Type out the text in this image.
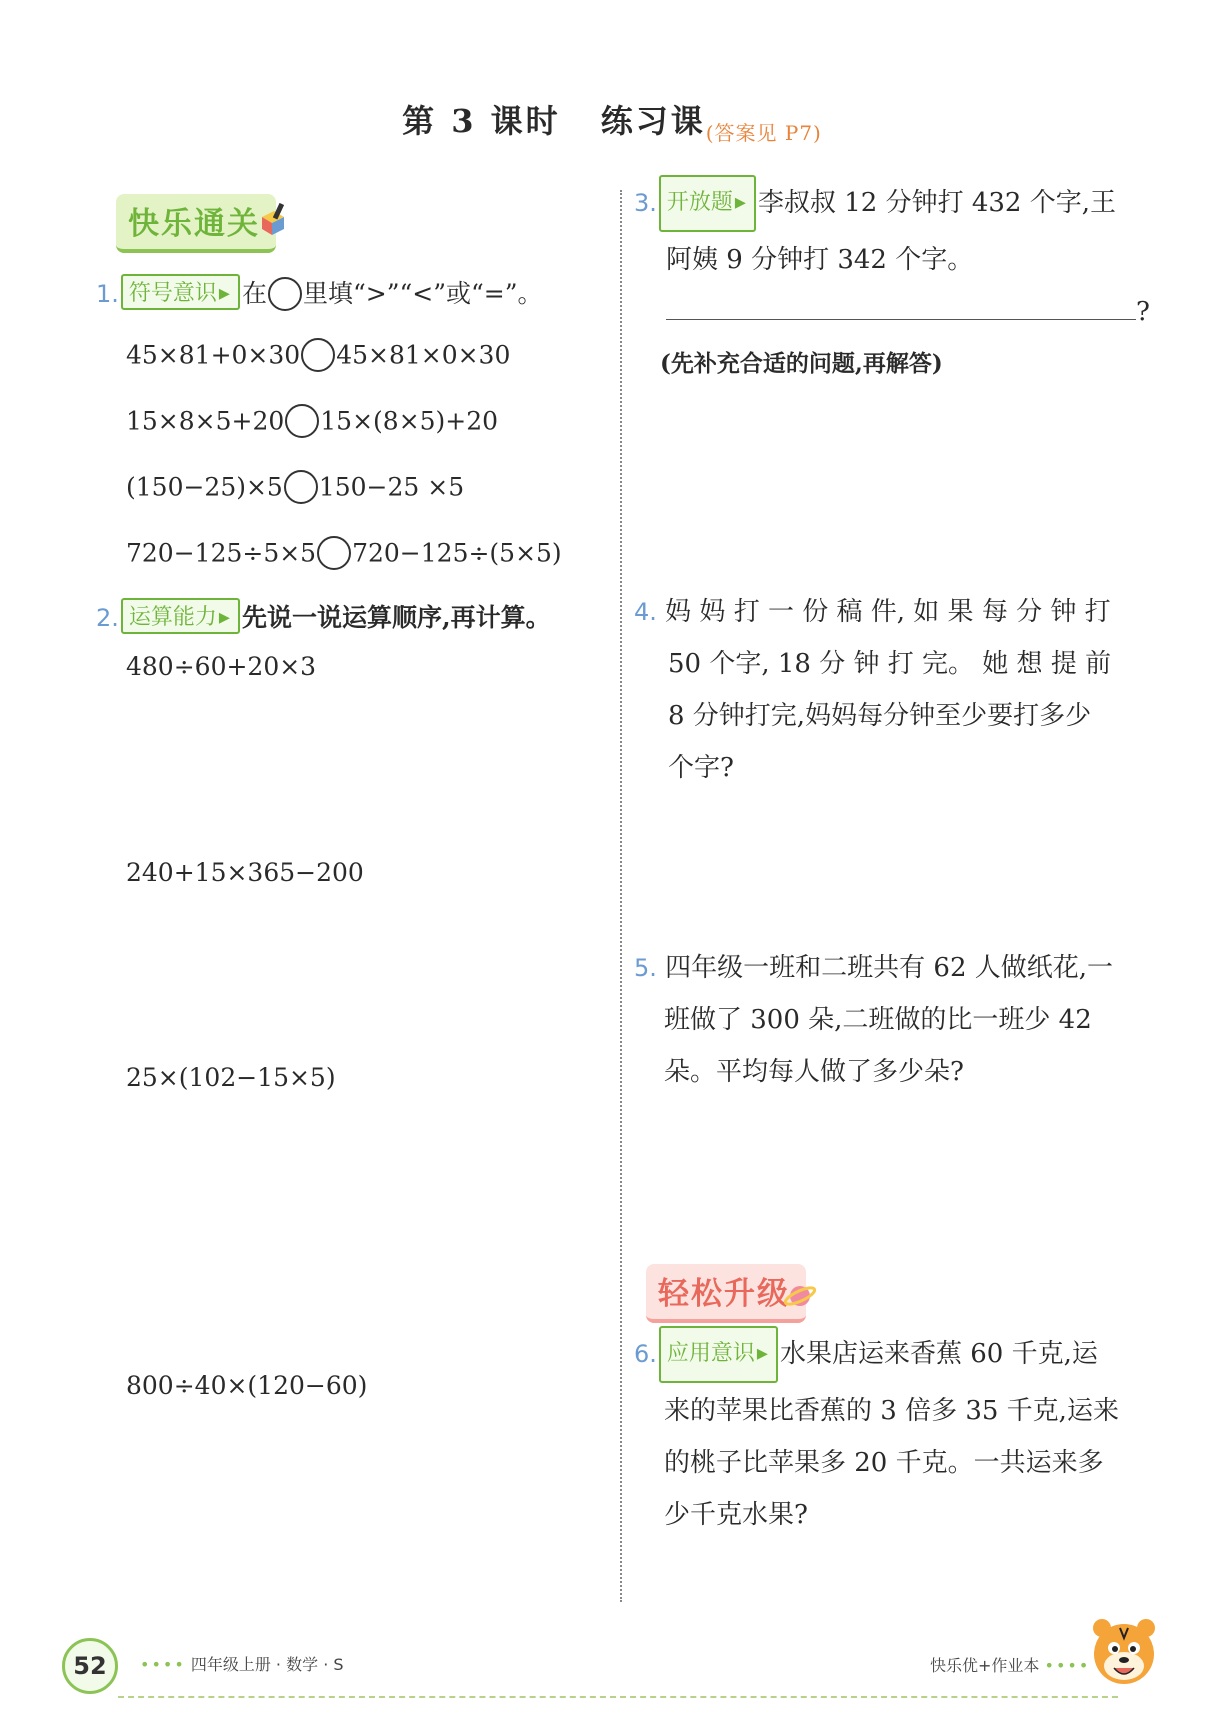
第 3 课时 练习课$_{(答案见 P7)}$
快乐通关
1. 符号意识 ▸ 在 里填“>”“<”或“=”。
45×81+0×30 45×81×0×30
15×8×5+20 15×(8×5)+20
(150−25)×5 150−25 ×5
720−125÷5×5 720−125÷(5×5)
2. 运算能力 ▸ 先说一说运算顺序,再计算。
480÷60+20×3
240+15×365−200
25×(102−15×5)
800÷40×(120−60)
3. 开放题 ▸ 李叔叔 12 分钟打 432 个字,王
阿姨 9 分钟打 342 个字。
?
(先补充合适的问题,再解答)
4. 妈 妈 打 一 份 稿 件, 如 果 每 分 钟 打
50 个字, 18 分 钟 打 完。 她 想 提 前
8 分钟打完,妈妈每分钟至少要打多少
个字?
5. 四年级一班和二班共有 62 人做纸花,一
班做了 300 朵,二班做的比一班少 42
朵。平均每人做了多少朵?
轻松升级
6. 应用意识 ▸ 水果店运来香蕉 60 千克,运
来的苹果比香蕉的 3 倍多 35 千克,运来
的桃子比苹果多 20 千克。一共运来多
少千克水果?
52	•••• 四年级上册 · 数学 · S	快乐优+作业本 ••••
